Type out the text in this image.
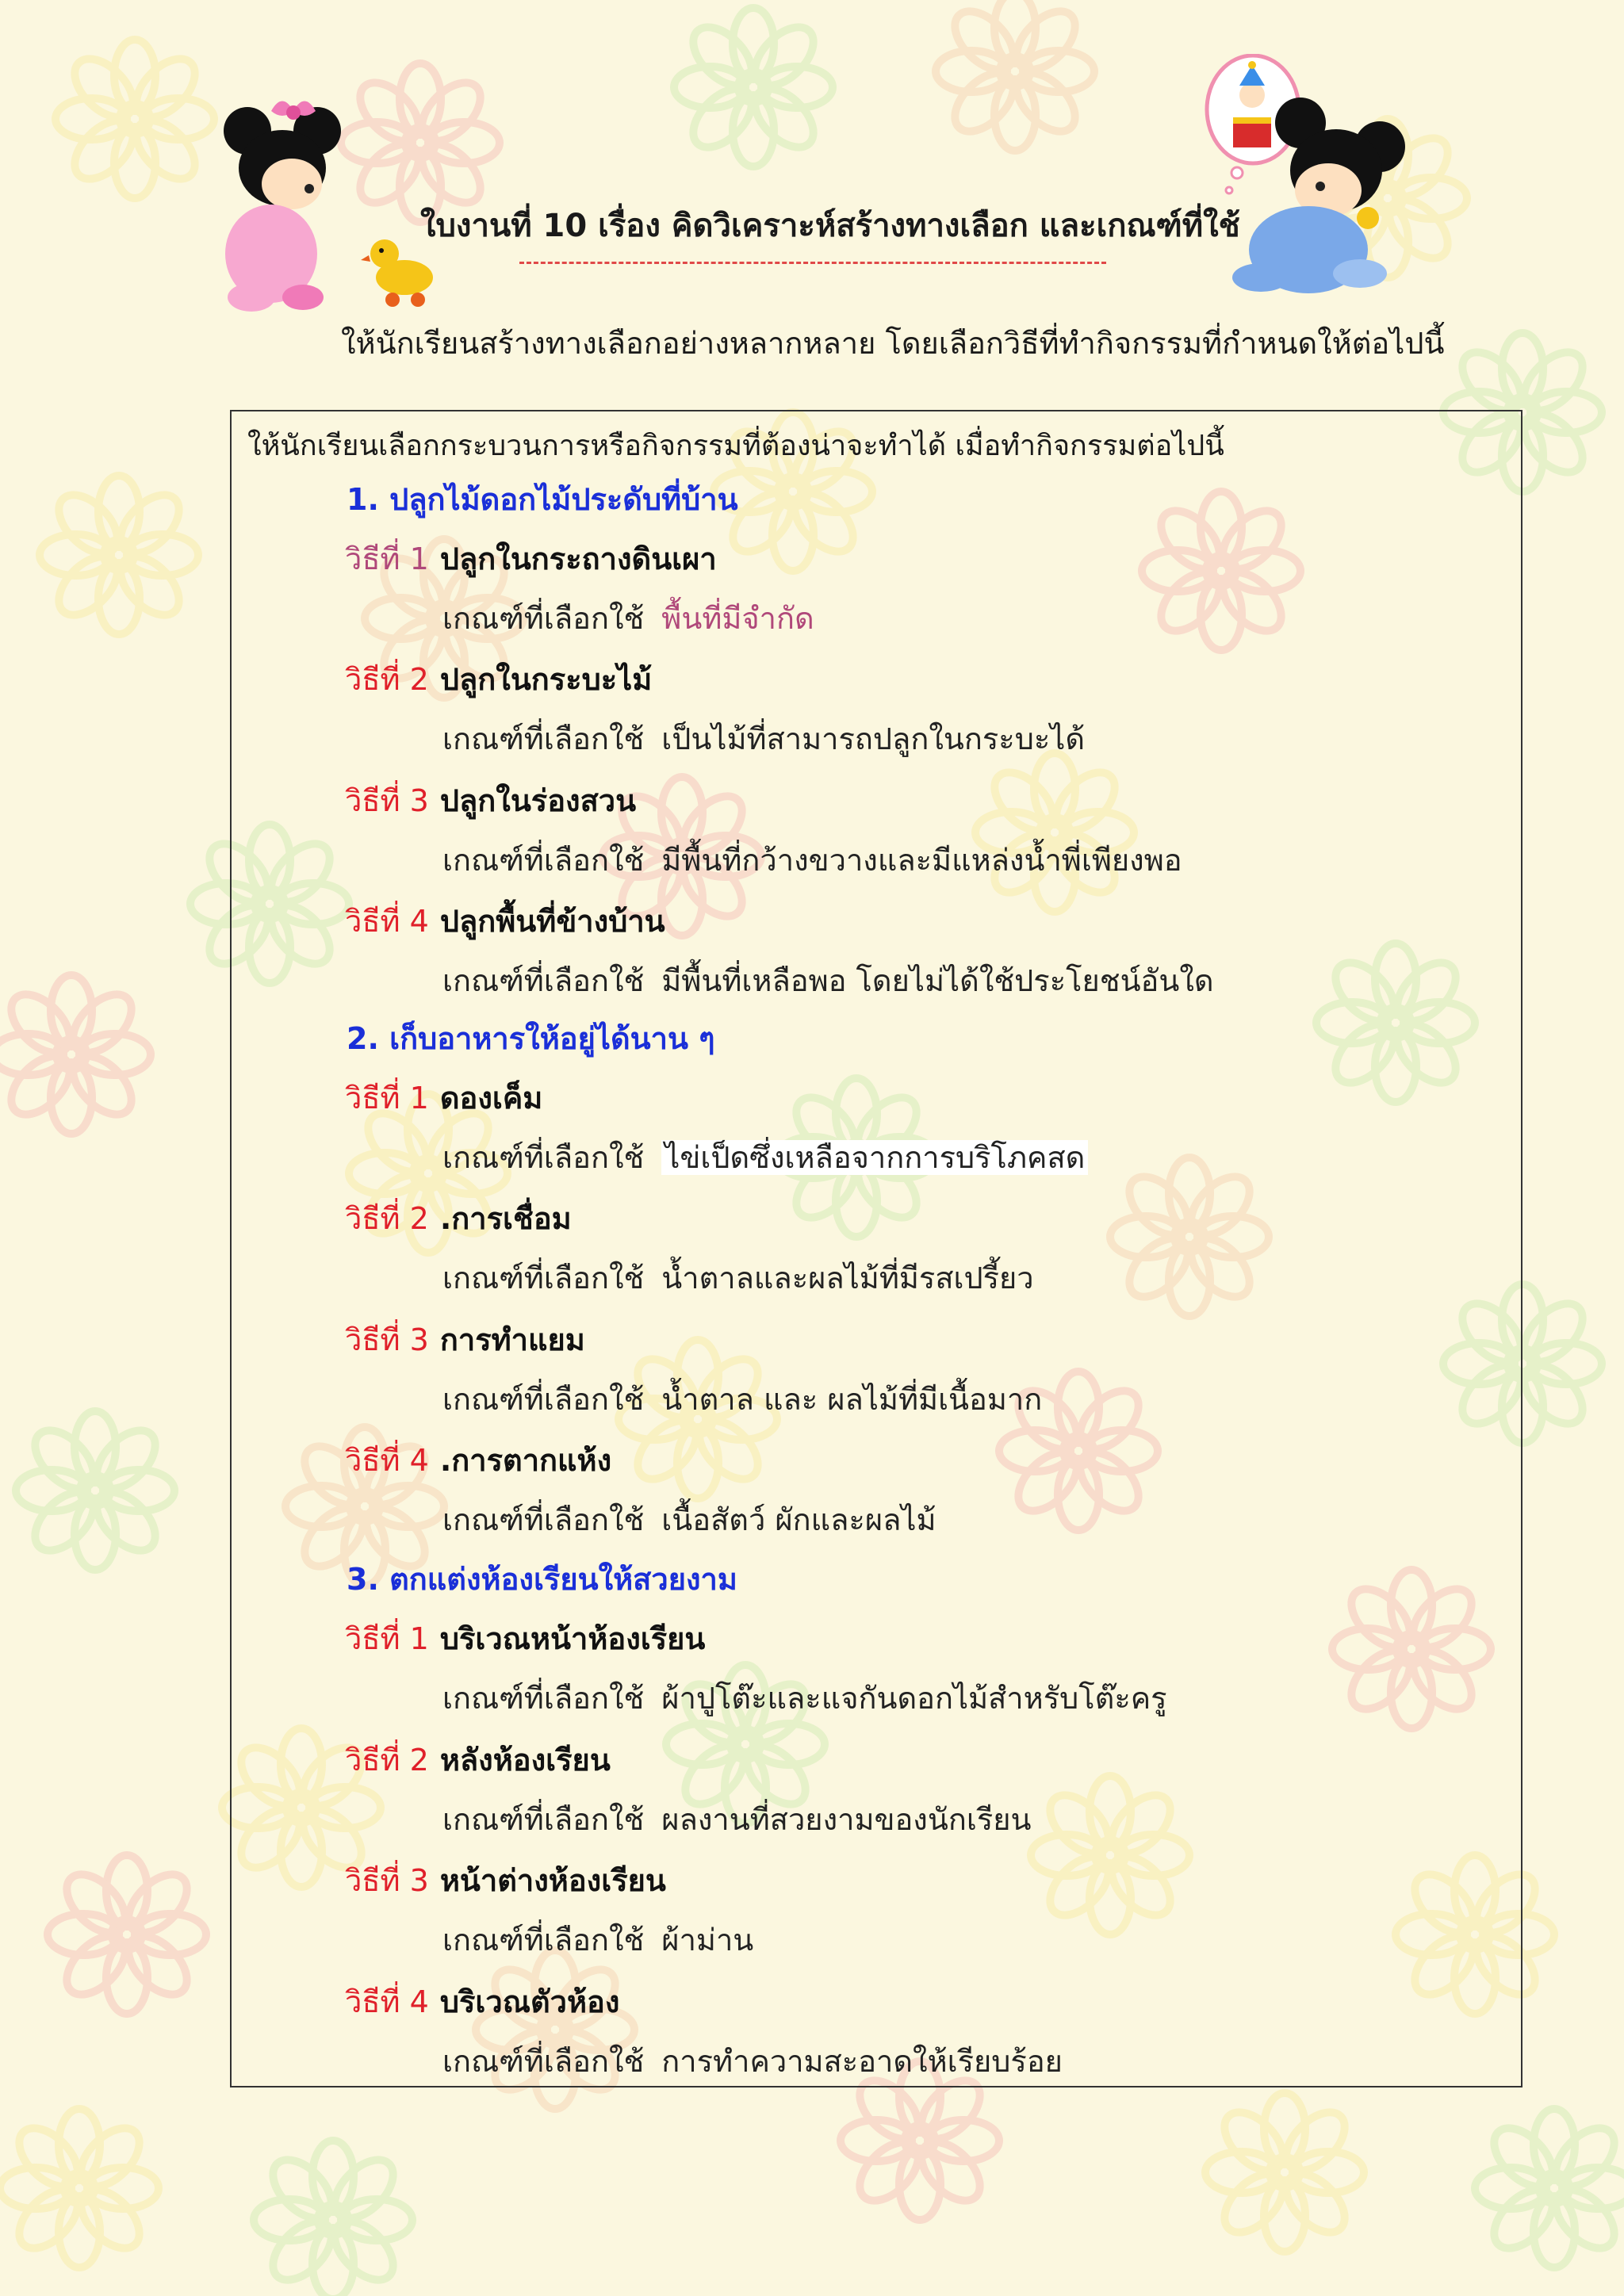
ใบงานที่ 10 เรื่อง คิดวิเคราะห์สร้างทางเลือก และเกณฑ์ที่ใช้
ให้นักเรียนสร้างทางเลือกอย่างหลากหลาย โดยเลือกวิธีที่ทำกิจกรรมที่กำหนดให้ต่อไปนี้
ให้นักเรียนเลือกกระบวนการหรือกิจกรรมที่ต้องน่าจะทำได้ เมื่อทำกิจกรรมต่อไปนี้
1. ปลูกไม้ดอกไม้ประดับที่บ้าน
วิธีที่ 1 ปลูกในกระถางดินเผา
เกณฑ์ที่เลือกใช้ พื้นที่มีจำกัด
วิธีที่ 2 ปลูกในกระบะไม้
เกณฑ์ที่เลือกใช้ เป็นไม้ที่สามารถปลูกในกระบะได้
วิธีที่ 3 ปลูกในร่องสวน
เกณฑ์ที่เลือกใช้ มีพื้นที่กว้างขวางและมีแหล่งน้ำพี่เพียงพอ
วิธีที่ 4 ปลูกพื้นที่ข้างบ้าน
เกณฑ์ที่เลือกใช้ มีพื้นที่เหลือพอ โดยไม่ได้ใช้ประโยชน์อันใด
2. เก็บอาหารให้อยู่ได้นาน ๆ
วิธีที่ 1 ดองเค็ม
เกณฑ์ที่เลือกใช้ ไข่เป็ดซึ่งเหลือจากการบริโภคสด
วิธีที่ 2 .การเชื่อม
เกณฑ์ที่เลือกใช้ น้ำตาลและผลไม้ที่มีรสเปรี้ยว
วิธีที่ 3 การทำแยม
เกณฑ์ที่เลือกใช้ น้ำตาล และ ผลไม้ที่มีเนื้อมาก
วิธีที่ 4 .การตากแห้ง
เกณฑ์ที่เลือกใช้ เนื้อสัตว์ ผักและผลไม้
3. ตกแต่งห้องเรียนให้สวยงาม
วิธีที่ 1 บริเวณหน้าห้องเรียน
เกณฑ์ที่เลือกใช้ ผ้าปูโต๊ะและแจกันดอกไม้สำหรับโต๊ะครู
วิธีที่ 2 หลังห้องเรียน
เกณฑ์ที่เลือกใช้ ผลงานที่สวยงามของนักเรียน
วิธีที่ 3 หน้าต่างห้องเรียน
เกณฑ์ที่เลือกใช้ ผ้าม่าน
วิธีที่ 4 บริเวณตัวห้อง
เกณฑ์ที่เลือกใช้ การทำความสะอาดให้เรียบร้อย
